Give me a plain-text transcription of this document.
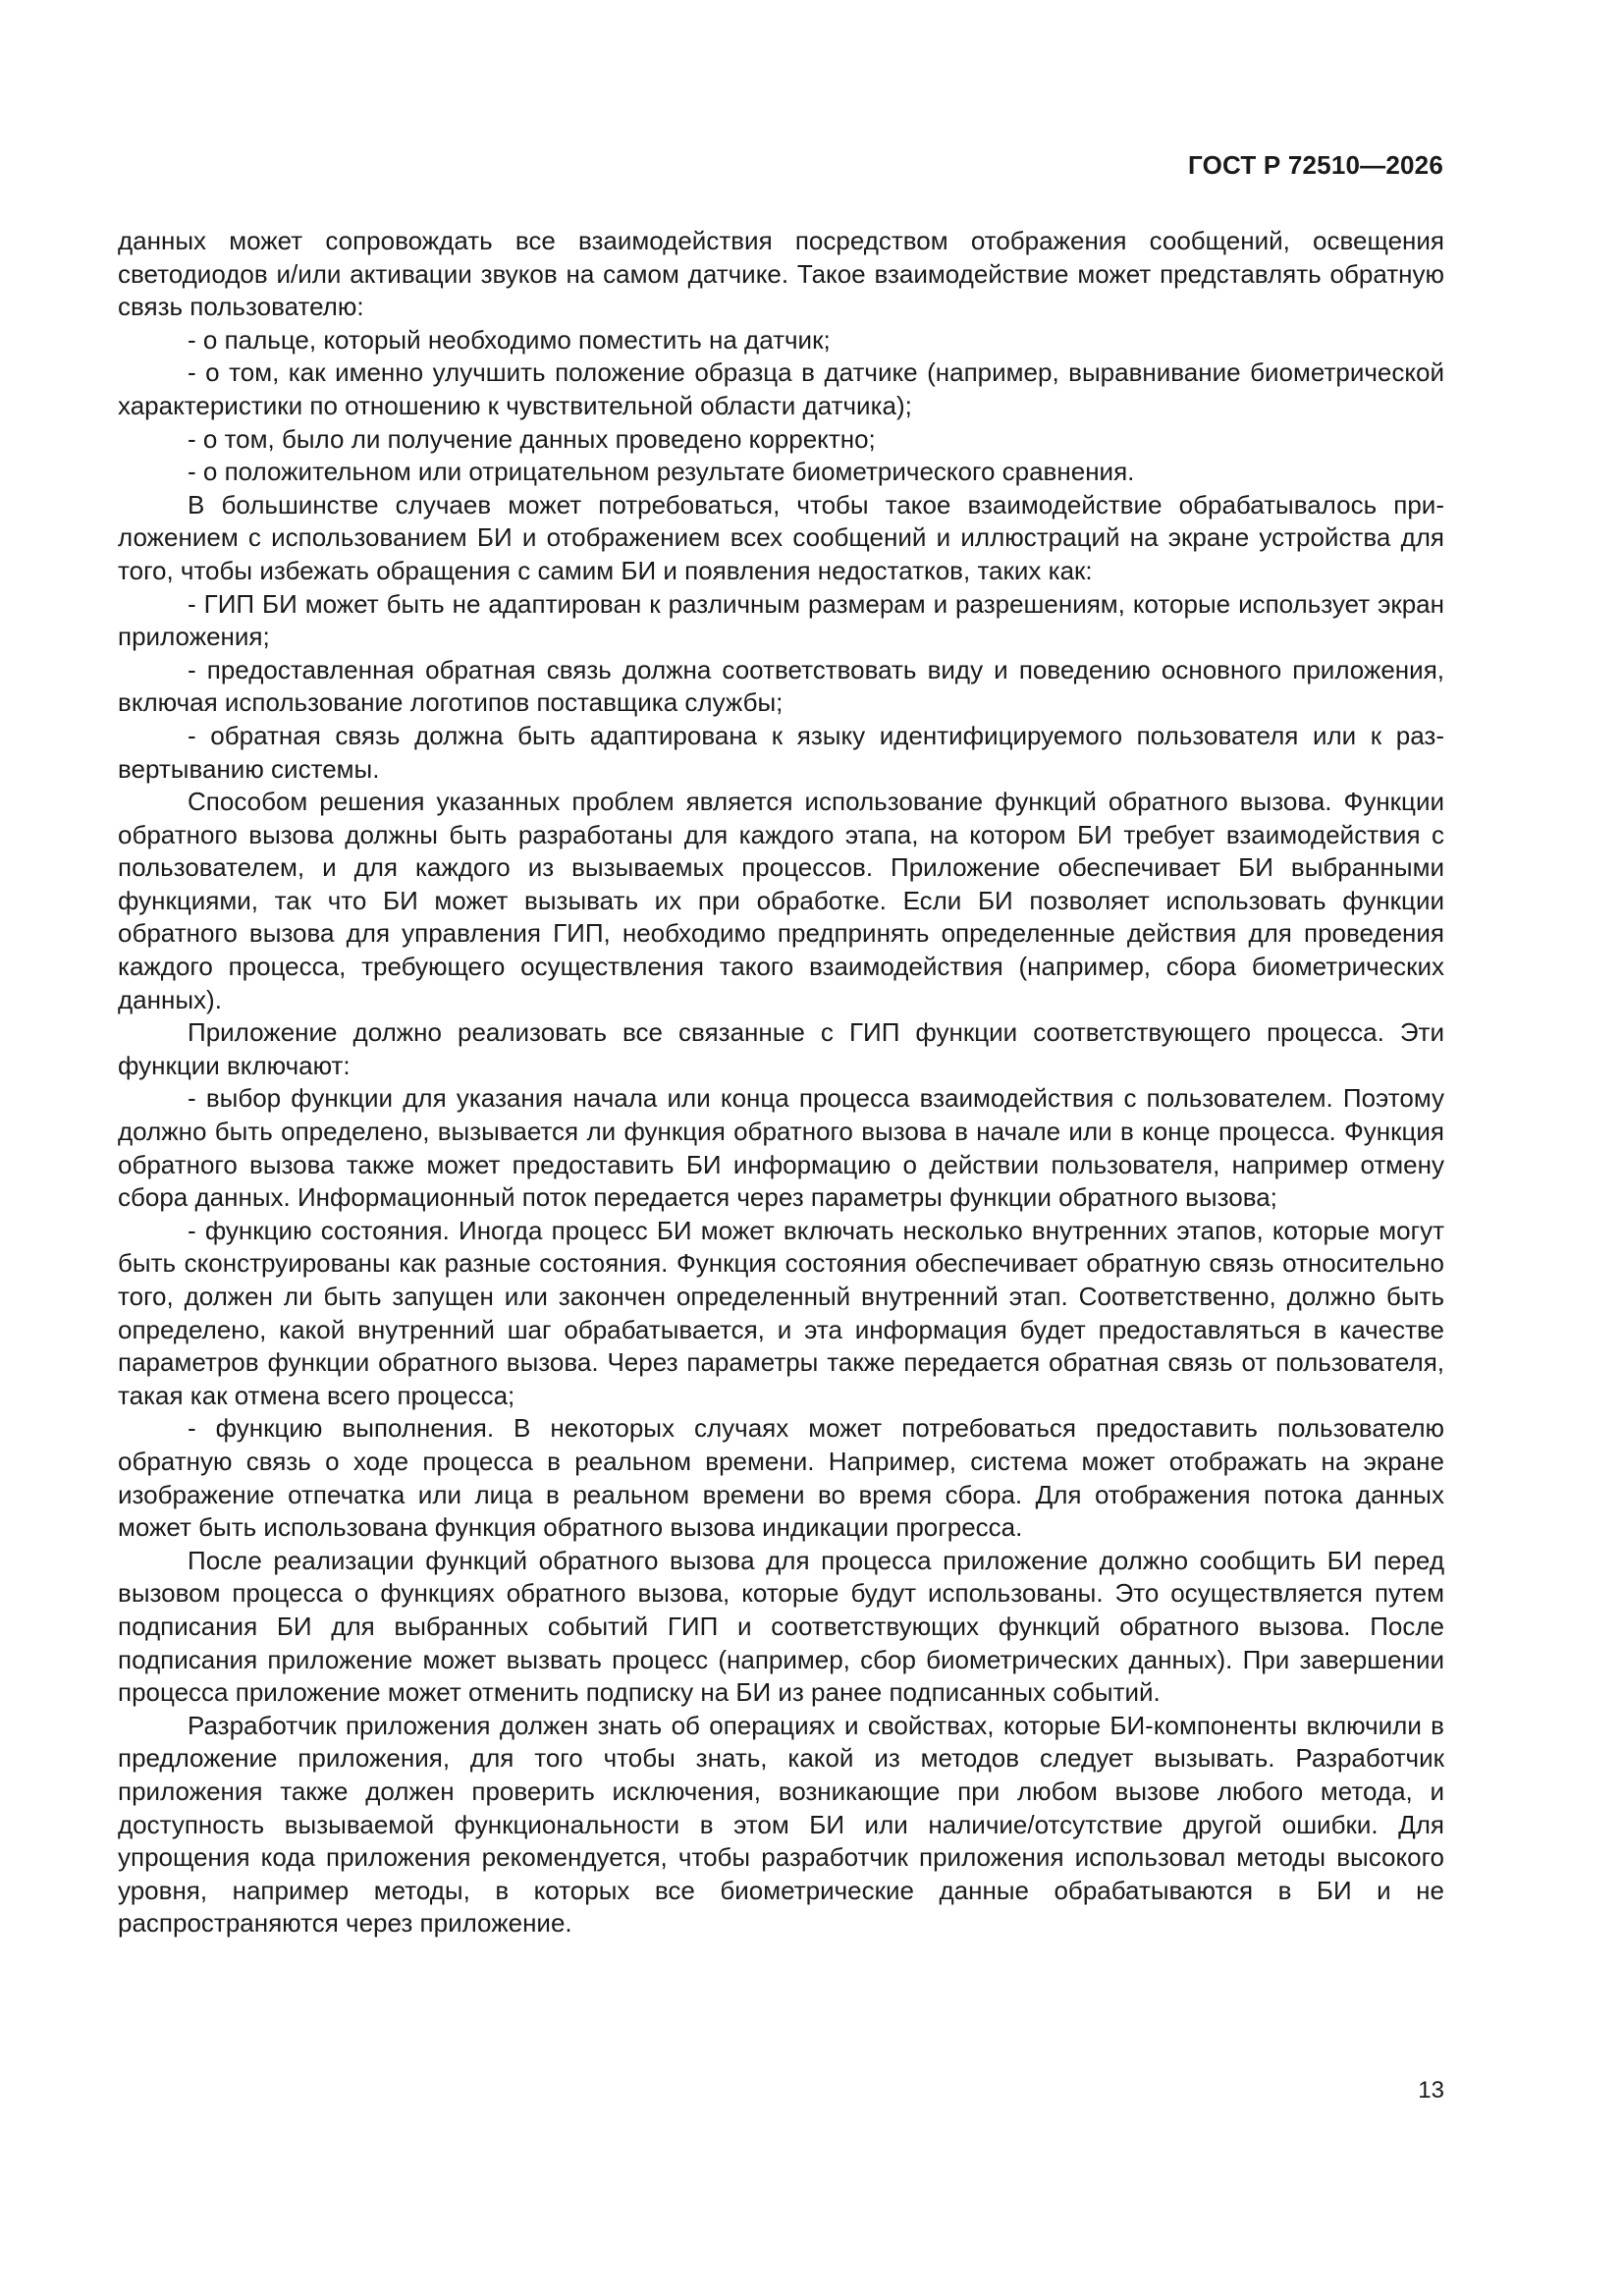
ГОСТ Р 72510—2026

данных может сопровождать все взаимодействия посредством отображения сообщений, освещения светодиодов и/или активации звуков на самом датчике. Такое взаимодействие может представлять обратную связь пользователю:

- о пальце, который необходимо поместить на датчик;

- о том, как именно улучшить положение образца в датчике (например, выравнивание биометрической характеристики по отношению к чувствительной области датчика);

- о том, было ли получение данных проведено корректно;

- о положительном или отрицательном результате биометрического сравнения.

В большинстве случаев может потребоваться, чтобы такое взаимодействие обрабатывалось приложением с использованием БИ и отображением всех сообщений и иллюстраций на экране устройства для того, чтобы избежать обращения с самим БИ и появления недостатков, таких как:

- ГИП БИ может быть не адаптирован к различным размерам и разрешениям, которые использует экран приложения;

- предоставленная обратная связь должна соответствовать виду и поведению основного приложения, включая использование логотипов поставщика службы;

- обратная связь должна быть адаптирована к языку идентифицируемого пользователя или к развертыванию системы.

Способом решения указанных проблем является использование функций обратного вызова. Функции обратного вызова должны быть разработаны для каждого этапа, на котором БИ требует взаимодействия с пользователем, и для каждого из вызываемых процессов. Приложение обеспечивает БИ выбранными функциями, так что БИ может вызывать их при обработке. Если БИ позволяет использовать функции обратного вызова для управления ГИП, необходимо предпринять определенные действия для проведения каждого процесса, требующего осуществления такого взаимодействия (например, сбора биометрических данных).

Приложение должно реализовать все связанные с ГИП функции соответствующего процесса. Эти функции включают:

- выбор функции для указания начала или конца процесса взаимодействия с пользователем. Поэтому должно быть определено, вызывается ли функция обратного вызова в начале или в конце процесса. Функция обратного вызова также может предоставить БИ информацию о действии пользователя, например отмену сбора данных. Информационный поток передается через параметры функции обратного вызова;

- функцию состояния. Иногда процесс БИ может включать несколько внутренних этапов, которые могут быть сконструированы как разные состояния. Функция состояния обеспечивает обратную связь относительно того, должен ли быть запущен или закончен определенный внутренний этап. Соответственно, должно быть определено, какой внутренний шаг обрабатывается, и эта информация будет предоставляться в качестве параметров функции обратного вызова. Через параметры также передается обратная связь от пользователя, такая как отмена всего процесса;

- функцию выполнения. В некоторых случаях может потребоваться предоставить пользователю обратную связь о ходе процесса в реальном времени. Например, система может отображать на экране изображение отпечатка или лица в реальном времени во время сбора. Для отображения потока данных может быть использована функция обратного вызова индикации прогресса.

После реализации функций обратного вызова для процесса приложение должно сообщить БИ перед вызовом процесса о функциях обратного вызова, которые будут использованы. Это осуществляется путем подписания БИ для выбранных событий ГИП и соответствующих функций обратного вызова. После подписания приложение может вызвать процесс (например, сбор биометрических данных). При завершении процесса приложение может отменить подписку на БИ из ранее подписанных событий.

Разработчик приложения должен знать об операциях и свойствах, которые БИ-компоненты включили в предложение приложения, для того чтобы знать, какой из методов следует вызывать. Разработчик приложения также должен проверить исключения, возникающие при любом вызове любого метода, и доступность вызываемой функциональности в этом БИ или наличие/отсутствие другой ошибки. Для упрощения кода приложения рекомендуется, чтобы разработчик приложения использовал методы высокого уровня, например методы, в которых все биометрические данные обрабатываются в БИ и не распространяются через приложение.

13
